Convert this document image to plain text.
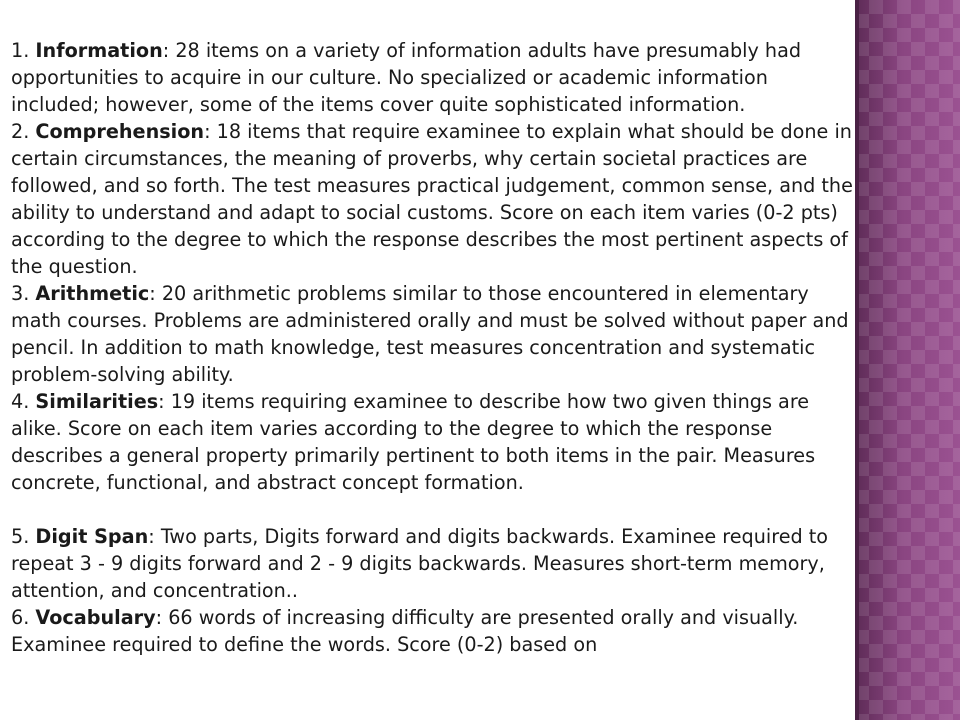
1. Information: 28 items on a variety of information adults have presumably had opportunities to acquire in our culture. No specialized or academic information included; however, some of the items cover quite sophisticated information.

2. Comprehension: 18 items that require examinee to explain what should be done in certain circumstances, the meaning of proverbs, why certain societal practices are followed, and so forth. The test measures practical judgement, common sense, and the ability to understand and adapt to social customs. Score on each item varies (0-2 pts) according to the degree to which the response describes the most pertinent aspects of the question.

3. Arithmetic: 20 arithmetic problems similar to those encountered in elementary math courses. Problems are administered orally and must be solved without paper and pencil. In addition to math knowledge, test measures concentration and systematic problem-solving ability.

4. Similarities: 19 items requiring examinee to describe how two given things are alike. Score on each item varies according to the degree to which the response describes a general property primarily pertinent to both items in the pair. Measures concrete, functional, and abstract concept formation.

5. Digit Span: Two parts, Digits forward and digits backwards. Examinee required to repeat 3 - 9 digits forward and 2 - 9 digits backwards. Measures short-term memory, attention, and concentration..

6. Vocabulary: 66 words of increasing difficulty are presented orally and visually. Examinee required to define the words. Score (0-2) based on
